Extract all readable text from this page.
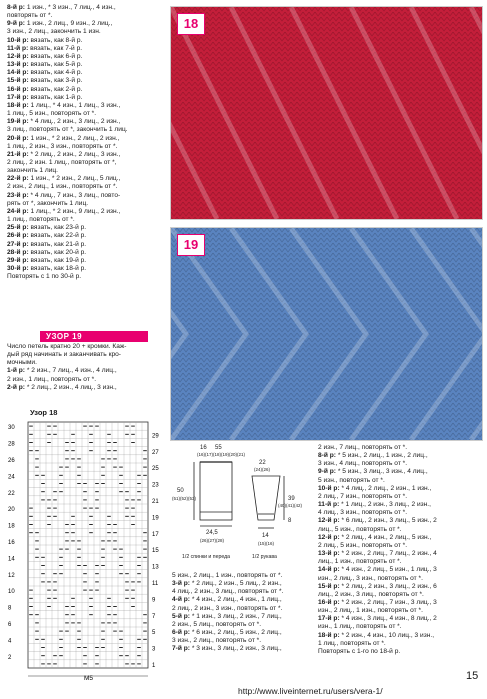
8-й р: 1 изн., * 3 изн., 7 лиц., 4 изн.,
повторять от *.
9-й р: 1 изн., 2 лиц., 9 изн., 2 лиц.,
3 изн., 2 лиц., закончить 1 изн.
10-й р: вязать, как 8-й р.
11-й р: вязать, как 7-й р.
12-й р: вязать, как 6-й р.
13-й р: вязать, как 5-й р.
14-й р: вязать, как 4-й р.
15-й р: вязать, как 3-й р.
16-й р: вязать, как 2-й р.
17-й р: вязать, как 1-й р.
18-й р: 1 лиц., * 4 изн., 1 лиц., 3 изн.,
1 лиц., 5 изн., повторять от *.
19-й р: * 4 лиц., 2 изн., 3 лиц., 2 изн.,
3 лиц., повторять от *, закончить 1 лиц.
20-й р: 1 изн., * 2 изн., 2 лиц., 2 изн.,
1 лиц., 2 изн., 3 изн., повторять от *.
21-й р: * 2 лиц., 2 изн., 2 лиц., 3 изн.,
2 лиц., 2 изн. 1 лиц., повторять от *,
закончить 1 лиц.
22-й р: 1 изн., * 2 изн., 2 лиц., 5 лиц.,
2 изн., 2 лиц., 1 изн., повторять от *.
23-й р: * 4 лиц., 7 изн., 3 лиц., повто-
рять от *, закончить 1 лиц.
24-й р: 1 лиц., * 2 изн., 9 лиц., 2 изн.,
1 лиц., повторять от *.
25-й р: вязать, как 23-й р.
26-й р: вязать, как 22-й р.
27-й р: вязать, как 21-й р.
28-й р: вязать, как 20-й р.
29-й р: вязать, как 19-й р.
30-й р: вязать, как 18-й р.
Повторять с 1 по 30-й р.
УЗОР 19
Число петель кратно 20 + кромки. Каж-
дый ряд начинать и заканчивать кро-
мочными.
1-й р: * 2 изн., 7 лиц., 4 изн., 4 лиц.,
2 изн., 1 лиц., повторять от *.
2-й р: * 2 лиц., 2 изн., 4 лиц., 3 изн.,
Узор 18
30
28
26
24
22
20
18
16
14
12
10
8
6
4
2
29
27
25
23
21
19
17
15
13
11
9
7
5
3
1
М5
18
19
16 55
(16)(17)(18)(19)(20)(21)
50
(51)(52)(53)
24,5
(26)(27)(28)
1/2 спинки и переда
22
(24)(26)
39
(40)(41)(42)
8
14
(15)(16)
1/2 рукава
5 изн., 2 лиц., 1 изн., повторять от *.
3-й р: * 2 лиц., 2 изн., 5 лиц., 2 изн.,
4 лиц., 2 изн., 3 лиц., повторять от *.
4-й р: * 4 изн., 2 лиц., 4 изн., 1 лиц.,
2 лиц., 2 изн., 3 изн., повторять от *.
5-й р: * 1 изн., 3 лиц., 2 изн., 7 лиц.,
2 изн., 5 лиц., повторять от *.
6-й р: * 6 изн., 2 лиц., 5 изн., 2 лиц.,
3 изн., 2 лиц., повторять от *.
7-й р: * 3 изн., 3 лиц., 2 изн., 3 лиц.,
2 изн., 7 лиц., повторять от *.
8-й р: * 5 изн., 2 лиц., 1 изн., 2 лиц.,
3 изн., 4 лиц., повторять от *.
9-й р: * 5 изн., 3 лиц., 3 изн., 4 лиц.,
5 изн., повторять от *.
10-й р: * 4 лиц., 2 лиц., 2 изн., 1 изн.,
2 лиц., 7 изн., повторять от *.
11-й р: * 1 лиц., 2 изн., 3 лиц., 2 изн.,
4 лиц., 3 изн., повторять от *.
12-й р: * 6 лиц., 2 изн., 3 лиц., 5 изн., 2
лиц., 5 изн., повторять от *.
12-й р: * 2 лиц., 4 изн., 2 лиц., 5 изн.,
2 лиц., 5 изн., повторять от *.
13-й р: * 2 изн., 2 лиц., 7 лиц., 2 изн., 4
лиц., 1 изн., повторять от *.
14-й р: * 4 изн., 2 лиц., 5 изн., 1 лиц., 3
изн., 2 лиц., 3 изн., повторять от *.
15-й р: * 2 лиц., 2 изн., 3 лиц., 2 изн., 6
лиц., 2 изн., 3 лиц., повторять от *.
16-й р: * 2 изн., 2 лиц., 7 изн., 3 лиц., 3
изн., 2 лиц., 1 изн., повторять от *.
17-й р: * 4 изн., 3 лиц., 4 изн., 8 лиц., 2
изн., 1 лиц., повторять от *.
18-й р: * 2 изн., 4 изн., 10 лиц., 3 изн.,
1 лиц., повторять от *.
Повторять с 1-го по 18-й р.
15
http://www.liveinternet.ru/users/vera-1/
